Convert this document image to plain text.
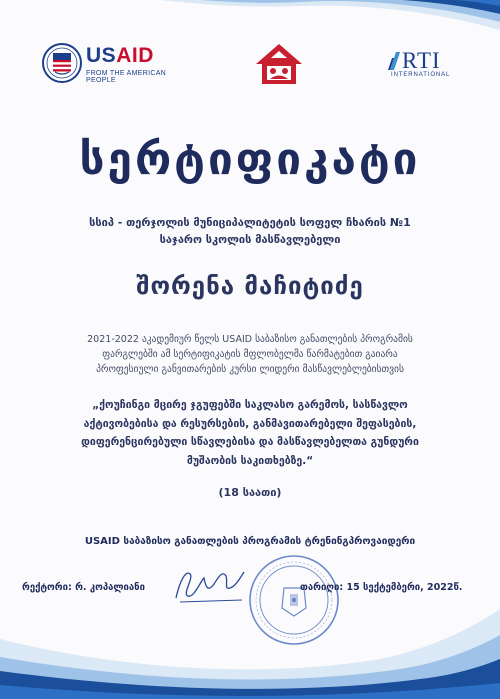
USAID
FROM THE AMERICAN PEOPLE
RTI
INTERNATIONAL
სერტიფიკატი
სსიპ - თერჯოლის მუნიციპალიტეტის სოფელ ჩხარის №1
საჯარო სკოლის მასწავლებელი
შორენა მაჩიტიძე
2021-2022 აკადემიურ წელს USAID საბაზისო განათლების პროგრამის
ფარგლებში ამ სერტიფიკატის მფლობელმა წარმატებით გაიარა
პროფესიული განვითარების კურსი ლიდერი მასწავლებლებისთვის
„ქოუჩინგი მცირე ჯგუფებში საკლასო გარემოს, სასწავლო
აქტივობებისა და რესურსების, განმავითარებელი შეფასების,
დიფერენცირებული სწავლებისა და მასწავლებელთა გუნდური
მუშაობის საკითხებზე.“
(18 საათი)
USAID საბაზისო განათლების პროგრამის ტრენინგპროვაიდერი
რექტორი: რ. კოპალიანი	თარიღი: 15 სექტემბერი, 2022წ.
